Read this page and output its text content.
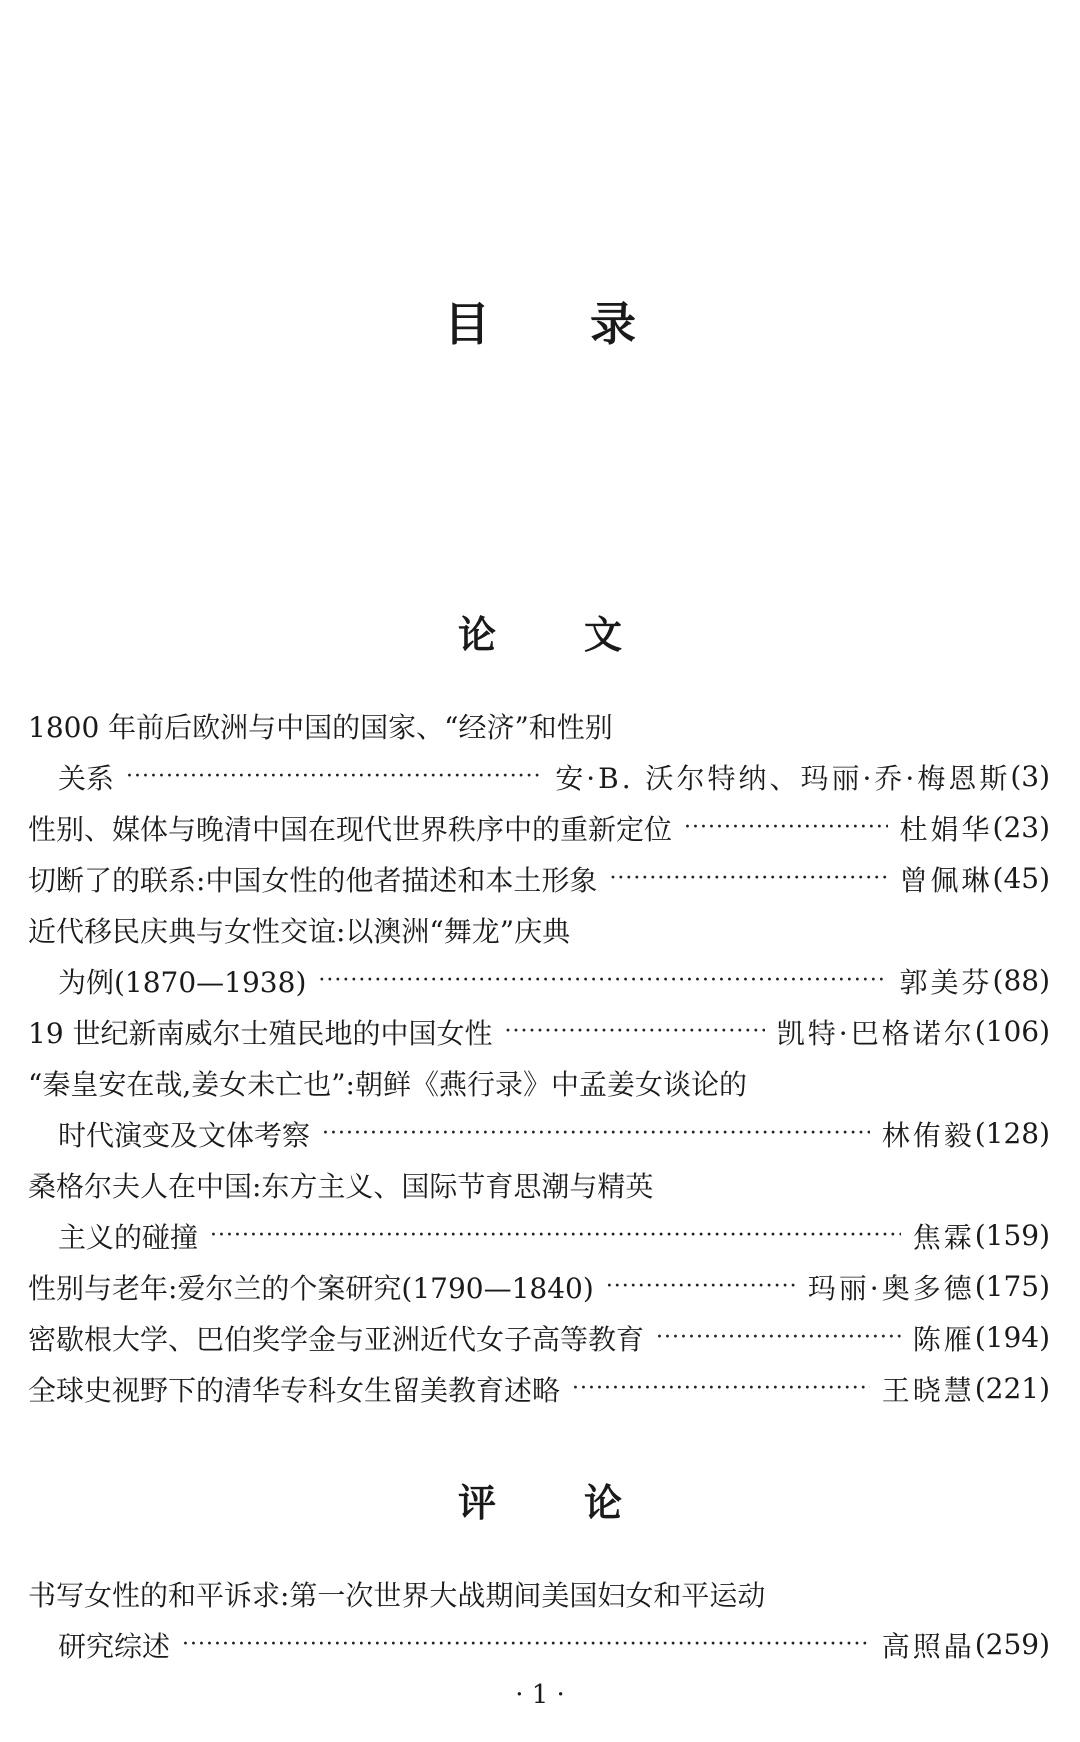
目录
论文
1800 年前后欧洲与中国的国家、“经济”和性别
关系 ·····	安·B. 沃尔特纳、玛丽·乔·梅恩斯 (3)
性别、媒体与晚清中国在现代世界秩序中的重新定位 ·····	杜娟华 (23)
切断了的联系:中国女性的他者描述和本土形象 ·····	曾佩琳 (45)
近代移民庆典与女性交谊:以澳洲“舞龙”庆典
为例(1870—1938) ·····	郭美芬 (88)
19 世纪新南威尔士殖民地的中国女性 ·····	凯特·巴格诺尔 (106)
“秦皇安在哉,姜女未亡也”:朝鲜《燕行录》中孟姜女谈论的
时代演变及文体考察 ·····	林侑毅 (128)
桑格尔夫人在中国:东方主义、国际节育思潮与精英
主义的碰撞 ·····	焦霖 (159)
性别与老年:爱尔兰的个案研究(1790—1840) ·····	玛丽·奥多德 (175)
密歇根大学、巴伯奖学金与亚洲近代女子高等教育 ·····	陈雁 (194)
全球史视野下的清华专科女生留美教育述略 ·····	王晓慧 (221)
评论
书写女性的和平诉求:第一次世界大战期间美国妇女和平运动
研究综述 ·····	高照晶 (259)
· 1 ·
